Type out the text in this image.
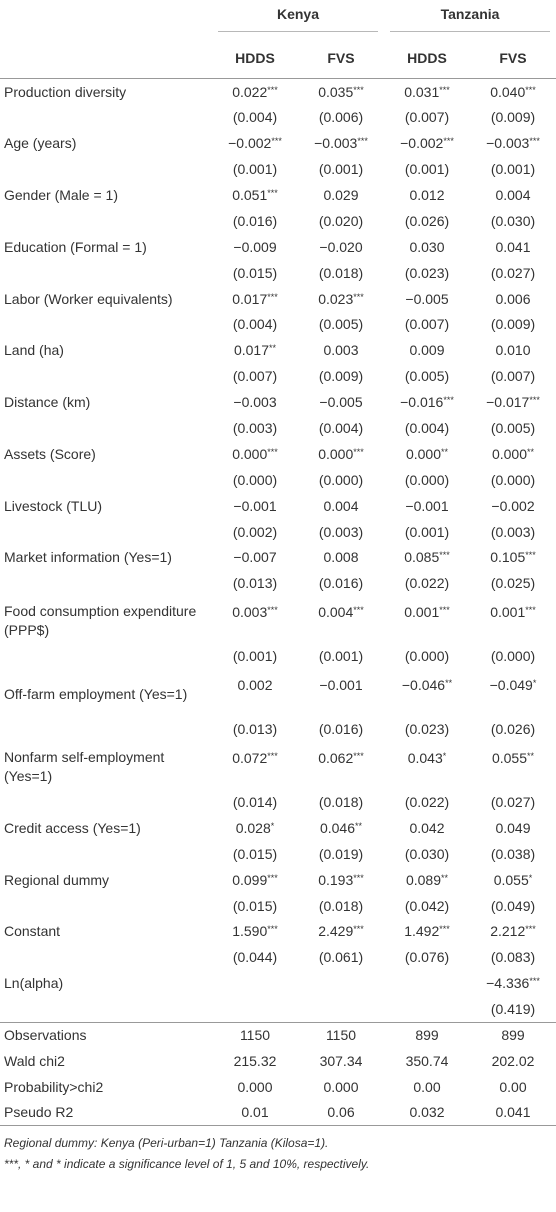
	Kenya		Tanzania	

	HDDS	FVS	HDDS	FVS
Production diversity	0.022***	0.035***	0.031***	0.040***
	(0.004)	(0.006)	(0.007)	(0.009)
Age (years)	−0.002***	−0.003***	−0.002***	−0.003***
	(0.001)	(0.001)	(0.001)	(0.001)
Gender (Male = 1)	0.051***	0.029	0.012	0.004
	(0.016)	(0.020)	(0.026)	(0.030)
Education (Formal = 1)	−0.009	−0.020	0.030	0.041
	(0.015)	(0.018)	(0.023)	(0.027)
Labor (Worker equivalents)	0.017***	0.023***	−0.005	0.006
	(0.004)	(0.005)	(0.007)	(0.009)
Land (ha)	0.017**	0.003	0.009	0.010
	(0.007)	(0.009)	(0.005)	(0.007)
Distance (km)	−0.003	−0.005	−0.016***	−0.017***
	(0.003)	(0.004)	(0.004)	(0.005)
Assets (Score)	0.000***	0.000***	0.000**	0.000**
	(0.000)	(0.000)	(0.000)	(0.000)
Livestock (TLU)	−0.001	0.004	−0.001	−0.002
	(0.002)	(0.003)	(0.001)	(0.003)
Market information (Yes=1)	−0.007	0.008	0.085***	0.105***
	(0.013)	(0.016)	(0.022)	(0.025)
Food consumption expenditure (PPP$)	0.003***	0.004***	0.001***	0.001***
	(0.001)	(0.001)	(0.000)	(0.000)
Off-farm employment (Yes=1)	0.002	−0.001	−0.046**	−0.049*
	(0.013)	(0.016)	(0.023)	(0.026)
Nonfarm self-employment (Yes=1)	0.072***	0.062***	0.043*	0.055**
	(0.014)	(0.018)	(0.022)	(0.027)
Credit access (Yes=1)	0.028*	0.046**	0.042	0.049
	(0.015)	(0.019)	(0.030)	(0.038)
Regional dummy	0.099***	0.193***	0.089**	0.055*
	(0.015)	(0.018)	(0.042)	(0.049)
Constant	1.590***	2.429***	1.492***	2.212***
	(0.044)	(0.061)	(0.076)	(0.083)
Ln(alpha)				−4.336***
				(0.419)
Observations	1150	1150	899	899
Wald chi2	215.32	307.34	350.74	202.02
Probability>chi2	0.000	0.000	0.00	0.00
Pseudo R2	0.01	0.06	0.032	0.041
Regional dummy: Kenya (Peri-urban=1) Tanzania (Kilosa=1).
***, * and * indicate a significance level of 1, 5 and 10%, respectively.
